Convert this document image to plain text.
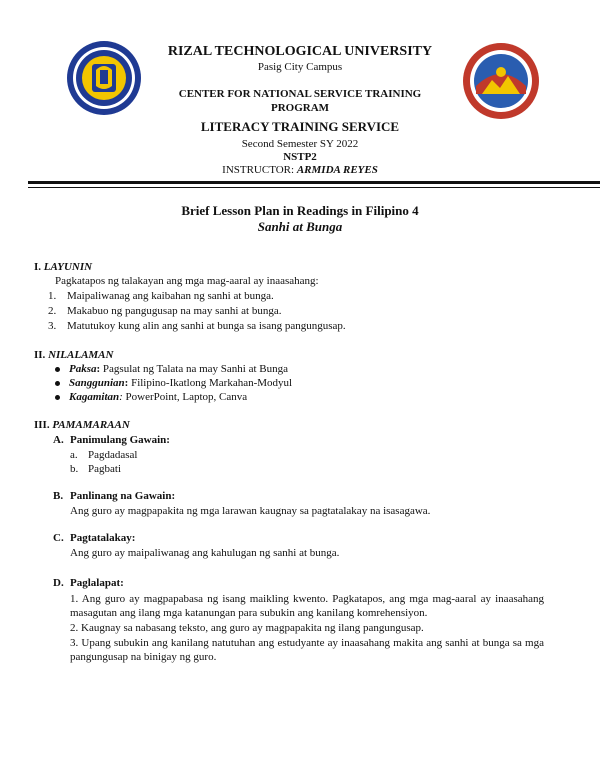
RIZAL TECHNOLOGICAL UNIVERSITY
Pasig City Campus
CENTER FOR NATIONAL SERVICE TRAINING
PROGRAM
LITERACY TRAINING SERVICE
Second Semester SY 2022
NSTP2
INSTRUCTOR: ARMIDA REYES
Brief Lesson Plan in Readings in Filipino 4
Sanhi at Bunga
I. LAYUNIN
Pagkatapos ng talakayan ang mga mag-aaral ay inaasahang:
1. Maipaliwanag ang kaibahan ng sanhi at bunga.
2. Makabuo ng pangugusap na may sanhi at bunga.
3. Matutukoy kung alin ang sanhi at bunga sa isang pangungusap.
II. NILALAMAN
Paksa: Pagsulat ng Talata na may Sanhi at Bunga
Sanggunian: Filipino-Ikatlong Markahan-Modyul
Kagamitan: PowerPoint, Laptop, Canva
III. PAMAMARAAN
A. Panimulang Gawain:
a. Pagdadasal
b. Pagbati
B. Panlinang na Gawain:
Ang guro ay magpapakita ng mga larawan kaugnay sa pagtatalakay na isasagawa.
C. Pagtatalakay:
Ang guro ay maipaliwanag ang kahulugan ng sanhi at bunga.
D. Paglalapat:
1. Ang guro ay magpapabasa ng isang maikling kwento. Pagkatapos, ang mga mag-aaral ay inaasahang masagutan ang ilang mga katanungan para subukin ang kanilang komrehensiyon.
2. Kaugnay sa nabasang teksto, ang guro ay magpapakita ng ilang pangungusap.
3. Upang subukin ang kanilang natutuhan ang estudyante ay inaasahang makita ang sanhi at bunga sa mga pangungusap na binigay ng guro.
